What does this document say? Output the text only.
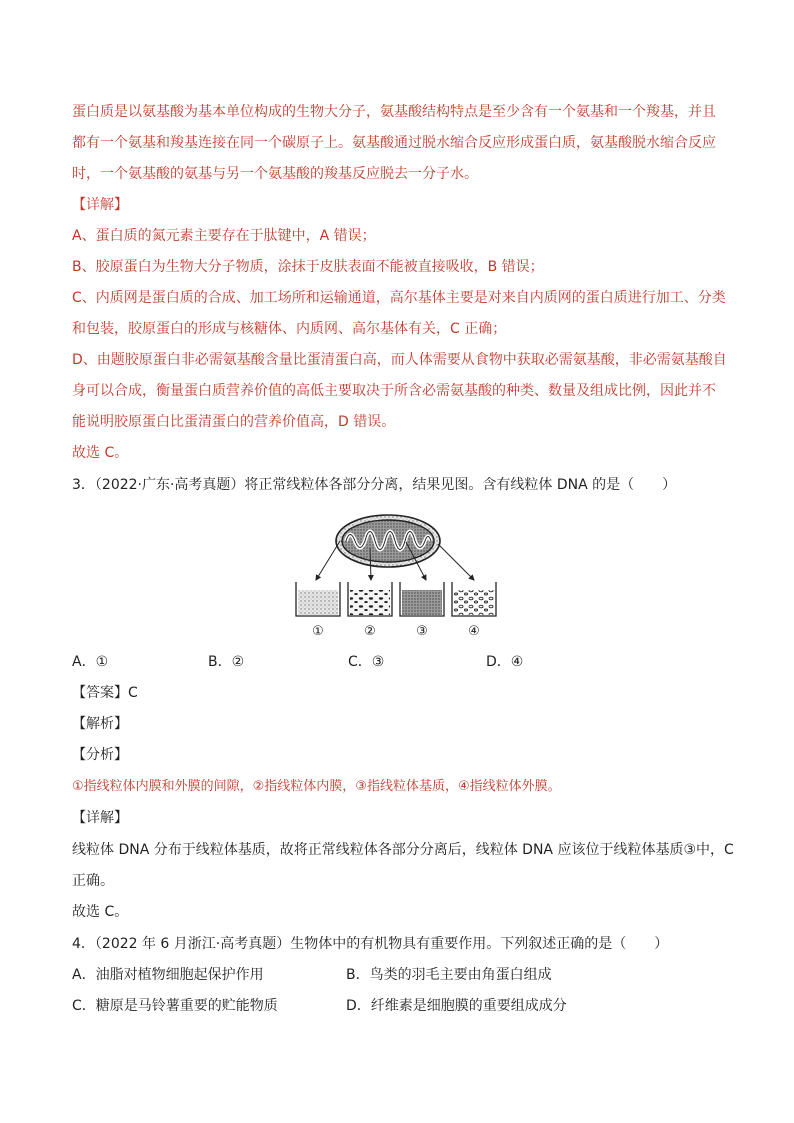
蛋白质是以氨基酸为基本单位构成的生物大分子，氨基酸结构特点是至少含有一个氨基和一个羧基，并且
都有一个氨基和羧基连接在同一个碳原子上。氨基酸通过脱水缩合反应形成蛋白质，氨基酸脱水缩合反应
时，一个氨基酸的氨基与另一个氨基酸的羧基反应脱去一分子水。
【详解】
A、蛋白质的氮元素主要存在于肽键中，A 错误；
B、胶原蛋白为生物大分子物质，涂抹于皮肤表面不能被直接吸收，B 错误；
C、内质网是蛋白质的合成、加工场所和运输通道，高尔基体主要是对来自内质网的蛋白质进行加工、分类
和包装，胶原蛋白的形成与核糖体、内质网、高尔基体有关，C 正确；
D、由题胶原蛋白非必需氨基酸含量比蛋清蛋白高，而人体需要从食物中获取必需氨基酸，非必需氨基酸自
身可以合成，衡量蛋白质营养价值的高低主要取决于所含必需氨基酸的种类、数量及组成比例，因此并不
能说明胶原蛋白比蛋清蛋白的营养价值高，D 错误。
故选 C。
3．（2022·广东·高考真题）将正常线粒体各部分分离，结果见图。含有线粒体 DNA 的是（　　）
①	②	③	④
A．①	B．②	C．③	D．④
【答案】C
【解析】
【分析】
①指线粒体内膜和外膜的间隙，②指线粒体内膜，③指线粒体基质，④指线粒体外膜。
【详解】
线粒体 DNA 分布于线粒体基质，故将正常线粒体各部分分离后，线粒体 DNA 应该位于线粒体基质③中，C
正确。
故选 C。
4．（2022 年 6 月浙江·高考真题）生物体中的有机物具有重要作用。下列叙述正确的是（　　）
A．油脂对植物细胞起保护作用	B．鸟类的羽毛主要由角蛋白组成
C．糖原是马铃薯重要的贮能物质	D．纤维素是细胞膜的重要组成成分
